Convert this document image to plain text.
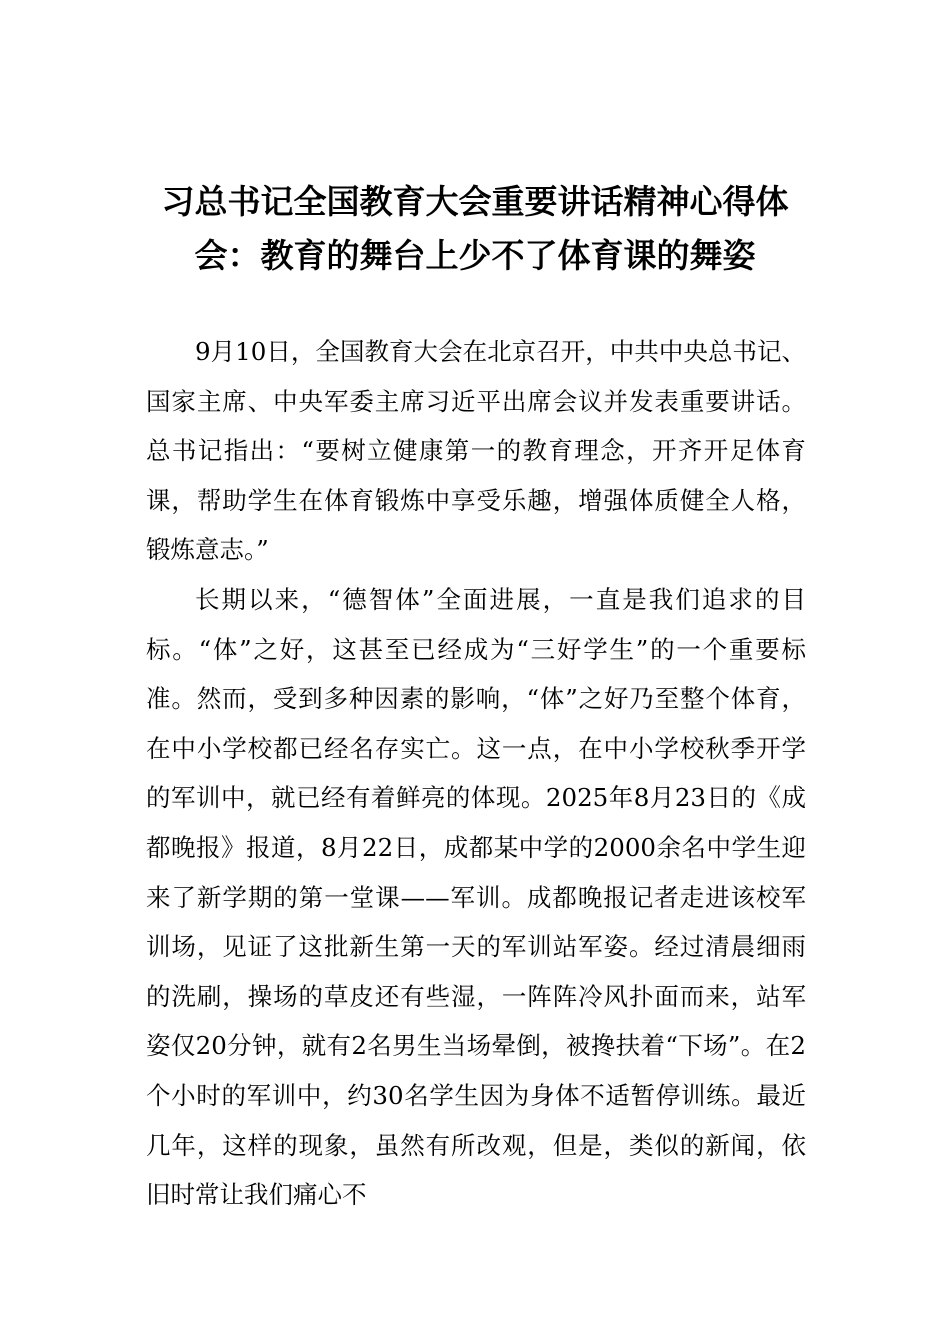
习总书记全国教育大会重要讲话精神心得体会：教育的舞台上少不了体育课的舞姿

9月10日，全国教育大会在北京召开，中共中央总书记、国家主席、中央军委主席习近平出席会议并发表重要讲话。总书记指出：“要树立健康第一的教育理念，开齐开足体育课，帮助学生在体育锻炼中享受乐趣，增强体质健全人格，锻炼意志。”

长期以来，“德智体”全面进展，一直是我们追求的目标。“体”之好，这甚至已经成为“三好学生”的一个重要标准。然而，受到多种因素的影响，“体”之好乃至整个体育，在中小学校都已经名存实亡。这一点，在中小学校秋季开学的军训中，就已经有着鲜亮的体现。2025年8月23日的《成都晚报》报道，8月22日，成都某中学的2000余名中学生迎来了新学期的第一堂课——军训。成都晚报记者走进该校军训场，见证了这批新生第一天的军训站军姿。经过清晨细雨的洗刷，操场的草皮还有些湿，一阵阵冷风扑面而来，站军姿仅20分钟，就有2名男生当场晕倒，被搀扶着“下场”。在2个小时的军训中，约30名学生因为身体不适暂停训练。最近几年，这样的现象，虽然有所改观，但是，类似的新闻，依旧时常让我们痛心不
